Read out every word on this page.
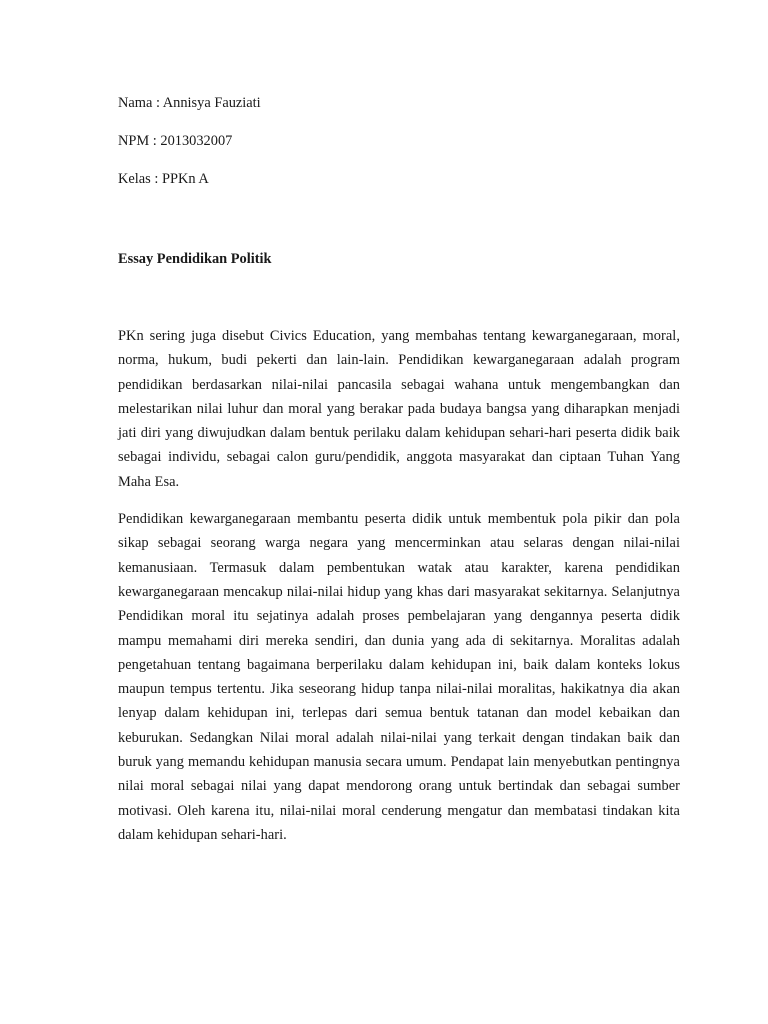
Nama : Annisya Fauziati

NPM : 2013032007

Kelas : PPKn A

Essay Pendidikan Politik

PKn sering juga disebut Civics Education, yang membahas tentang kewarganegaraan, moral, norma, hukum, budi pekerti dan lain-lain. Pendidikan kewarganegaraan adalah program pendidikan berdasarkan nilai-nilai pancasila sebagai wahana untuk mengembangkan dan melestarikan nilai luhur dan moral yang berakar pada budaya bangsa yang diharapkan menjadi jati diri yang diwujudkan dalam bentuk perilaku dalam kehidupan sehari-hari peserta didik baik sebagai individu, sebagai calon guru/pendidik, anggota masyarakat dan ciptaan Tuhan Yang Maha Esa.

Pendidikan kewarganegaraan membantu peserta didik untuk membentuk pola pikir dan pola sikap sebagai seorang warga negara yang mencerminkan atau selaras dengan nilai-nilai kemanusiaan. Termasuk dalam pembentukan watak atau karakter, karena pendidikan kewarganegaraan mencakup nilai-nilai hidup yang khas dari masyarakat sekitarnya. Selanjutnya Pendidikan moral itu sejatinya adalah proses pembelajaran yang dengannya peserta didik mampu memahami diri mereka sendiri, dan dunia yang ada di sekitarnya. Moralitas adalah pengetahuan tentang bagaimana berperilaku dalam kehidupan ini, baik dalam konteks lokus maupun tempus tertentu. Jika seseorang hidup tanpa nilai-nilai moralitas, hakikatnya dia akan lenyap dalam kehidupan ini, terlepas dari semua bentuk tatanan dan model kebaikan dan keburukan. Sedangkan Nilai moral adalah nilai-nilai yang terkait dengan tindakan baik dan buruk yang memandu kehidupan manusia secara umum. Pendapat lain menyebutkan pentingnya nilai moral sebagai nilai yang dapat mendorong orang untuk bertindak dan sebagai sumber motivasi. Oleh karena itu, nilai-nilai moral cenderung mengatur dan membatasi tindakan kita dalam kehidupan sehari-hari.
